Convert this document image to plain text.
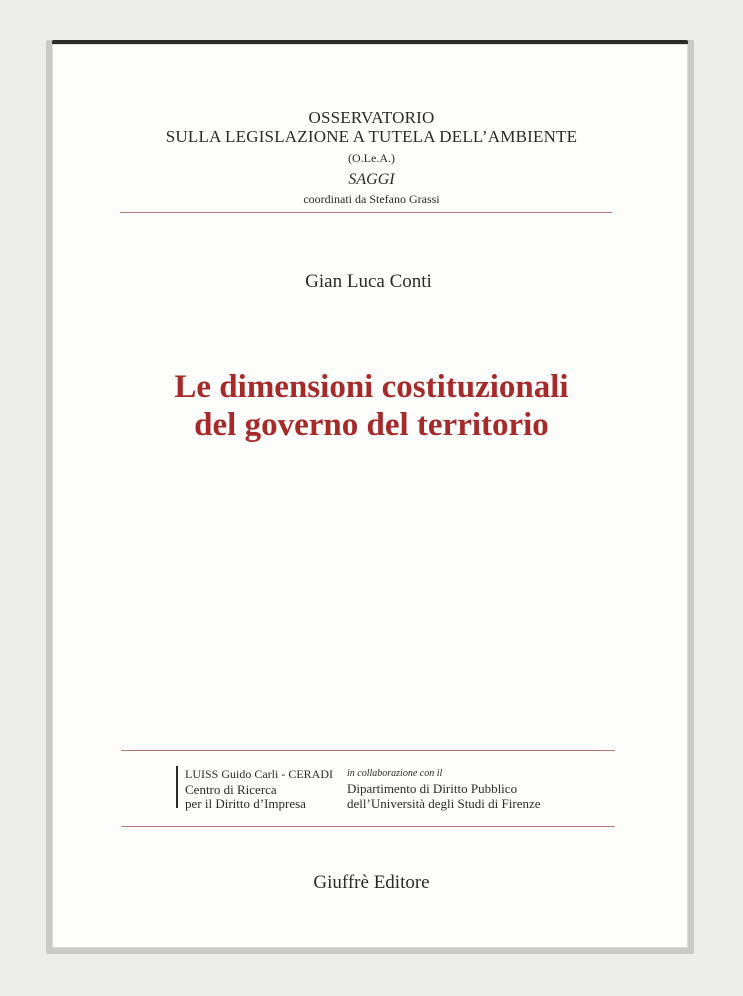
OSSERVATORIO
SULLA LEGISLAZIONE A TUTELA DELL’AMBIENTE
(O.Le.A.)
SAGGI
coordinati da Stefano Grassi
Gian Luca Conti
Le dimensioni costituzionali
del governo del territorio
LUISS Guido Carli - CERADI
Centro di Ricerca
per il Diritto d’Impresa
in collaborazione con il
Dipartimento di Diritto Pubblico
dell’Università degli Studi di Firenze
Giuffrè Editore
